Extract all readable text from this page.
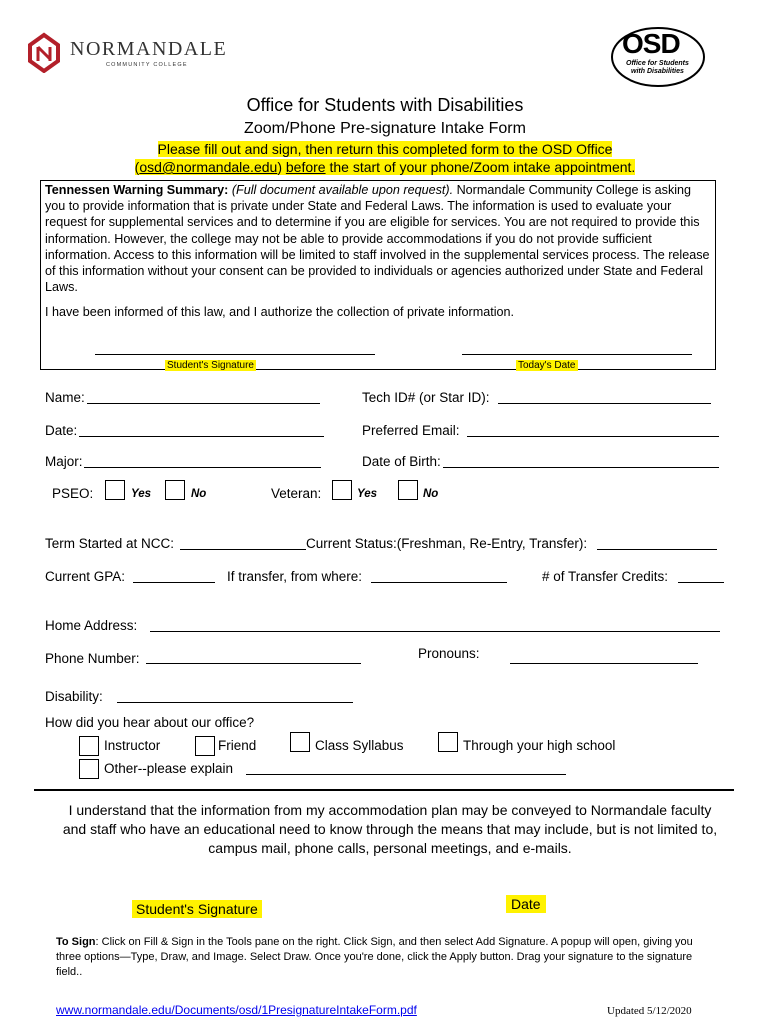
NORMANDALE
COMMUNITY COLLEGE
OSD
Office for Students
with Disabilities
Office for Students with Disabilities
Zoom/Phone Pre-signature Intake Form
Please fill out and sign, then return this completed form to the OSD Office
(osd@normandale.edu) before the start of your phone/Zoom intake appointment.
Tennessen Warning Summary: (Full document available upon request). Normandale Community College is asking you to provide information that is private under State and Federal Laws. The information is used to evaluate your request for supplemental services and to determine if you are eligible for services. You are not required to provide this information. However, the college may not be able to provide accommodations if you do not provide sufficient information. Access to this information will be limited to staff involved in the supplemental services process. The release of this information without your consent can be provided to individuals or agencies authorized under State and Federal Laws.
I have been informed of this law, and I authorize the collection of private information.
Student's Signature	Today's Date
Name:	Tech ID# (or Star ID):
Date:	Preferred Email:
Major:	Date of Birth:
PSEO:	Yes	No	Veteran:	Yes	No
Term Started at NCC:	Current Status:(Freshman, Re-Entry, Transfer):
Current GPA:	If transfer, from where:	# of Transfer Credits:
Home Address:
Phone Number:	Pronouns:
Disability:
How did you hear about our office?
Instructor	Friend	Class Syllabus	Through your high school
Other--please explain
I understand that the information from my accommodation plan may be conveyed to Normandale faculty and staff who have an educational need to know through the means that may include, but is not limited to, campus mail, phone calls, personal meetings, and e-mails.
Student's Signature	Date
To Sign: Click on Fill & Sign in the Tools pane on the right. Click Sign, and then select Add Signature. A popup will open, giving you three options—Type, Draw, and Image. Select Draw. Once you're done, click the Apply button. Drag your signature to the signature field..
www.normandale.edu/Documents/osd/1PresignatureIntakeForm.pdf	Updated 5/12/2020
